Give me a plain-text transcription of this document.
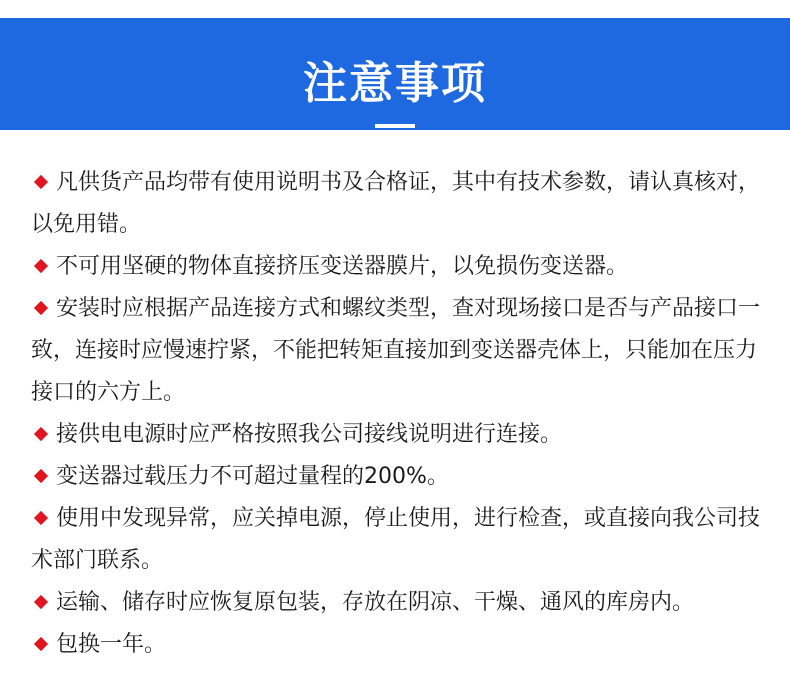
注意事项

凡供货产品均带有使用说明书及合格证，其中有技术参数，请认真核对，以免用错。

不可用坚硬的物体直接挤压变送器膜片，以免损伤变送器。

安装时应根据产品连接方式和螺纹类型，查对现场接口是否与产品接口一致，连接时应慢速拧紧，不能把转矩直接加到变送器壳体上，只能加在压力接口的六方上。

接供电电源时应严格按照我公司接线说明进行连接。

变送器过载压力不可超过量程的200%。

使用中发现异常，应关掉电源，停止使用，进行检查，或直接向我公司技术部门联系。

运输、储存时应恢复原包装，存放在阴凉、干燥、通风的库房内。

包换一年。
